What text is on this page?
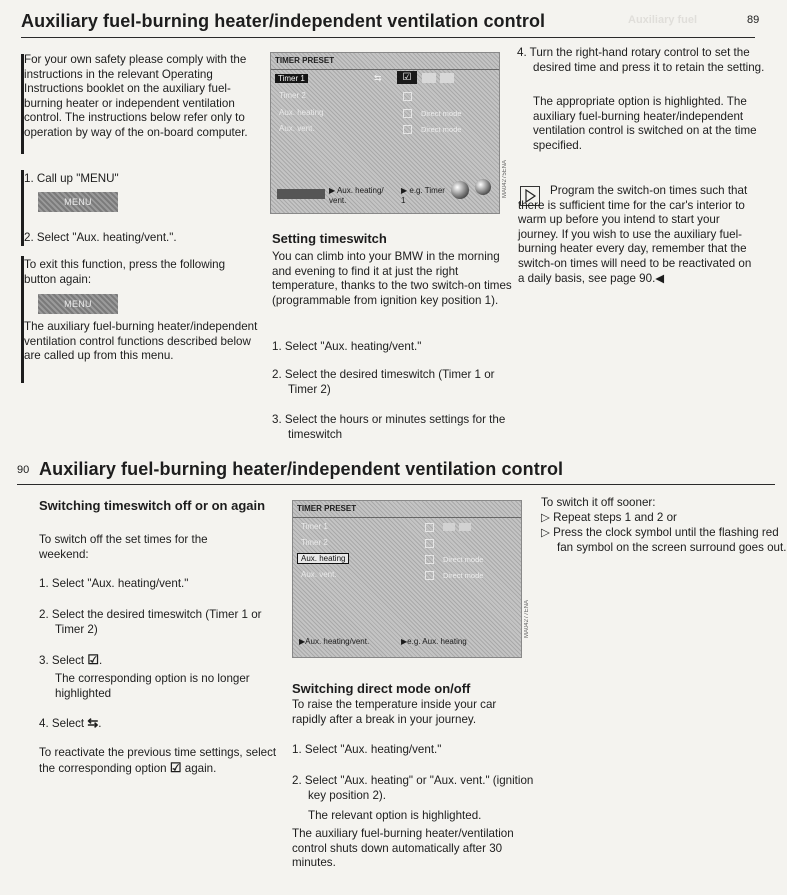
Auxiliary fuel-burning heater/independent ventilation control	89
Auxiliary fuel

For your own safety please comply with the instructions in the relevant Operating Instructions booklet on the auxiliary fuel-burning heater or independent ventilation control. The instructions below refer only to operation by way of the on-board computer.

1. Call up "MENU"

MENU

2. Select "Aux. heating/vent.".

To exit this function, press the following button again:

MENU

The auxiliary fuel-burning heater/independent ventilation control functions described below are called up from this menu.

TIMER PRESET
Timer 1
Timer 2
Aux. heating
Aux. vent.
⇆	☑
Direct mode
Direct mode
▶ Aux. heating/ vent.
▶ e.g. Timer 1
MA04275ENA
Setting timeswitch

You can climb into your BMW in the morning and evening to find it at just the right temperature, thanks to the two switch-on times (programmable from ignition key position 1).

1. Select "Aux. heating/vent."

2. Select the desired timeswitch (Timer 1 or Timer 2)

3. Select the hours or minutes settings for the timeswitch

4. Turn the right-hand rotary control to set the desired time and press it to retain the setting.

The appropriate option is highlighted. The auxiliary fuel-burning heater/independent ventilation control is switched on at the time specified.

Program the switch-on times such that there is sufficient time for the car's interior to warm up before you intend to start your journey. If you wish to use the auxiliary fuel-burning heater every day, remember that the switch-on times will need to be reactivated on a daily basis, see page 90.◀

90 Auxiliary fuel-burning heater/independent ventilation control
Switching timeswitch off or on again

To switch off the set times for the weekend:

1. Select "Aux. heating/vent."

2. Select the desired timeswitch (Timer 1 or Timer 2)

3. Select ☑.

The corresponding option is no longer highlighted

4. Select ⇆.

To reactivate the previous time settings, select the corresponding option ☑ again.

TIMER PRESET
Timer 1
Timer 2
Aux. heating
Aux. vent.
Direct mode
Direct mode
▶Aux. heating/vent.	▶e.g. Aux. heating
MA04277ENA
Switching direct mode on/off

To raise the temperature inside your car rapidly after a break in your journey.

1. Select "Aux. heating/vent."

2. Select "Aux. heating" or "Aux. vent." (ignition key position 2).

The relevant option is highlighted.

The auxiliary fuel-burning heater/ventilation control shuts down automatically after 30 minutes.

To switch it off sooner:

▷ Repeat steps 1 and 2 or

▷ Press the clock symbol until the flashing red fan symbol on the screen surround goes out.
